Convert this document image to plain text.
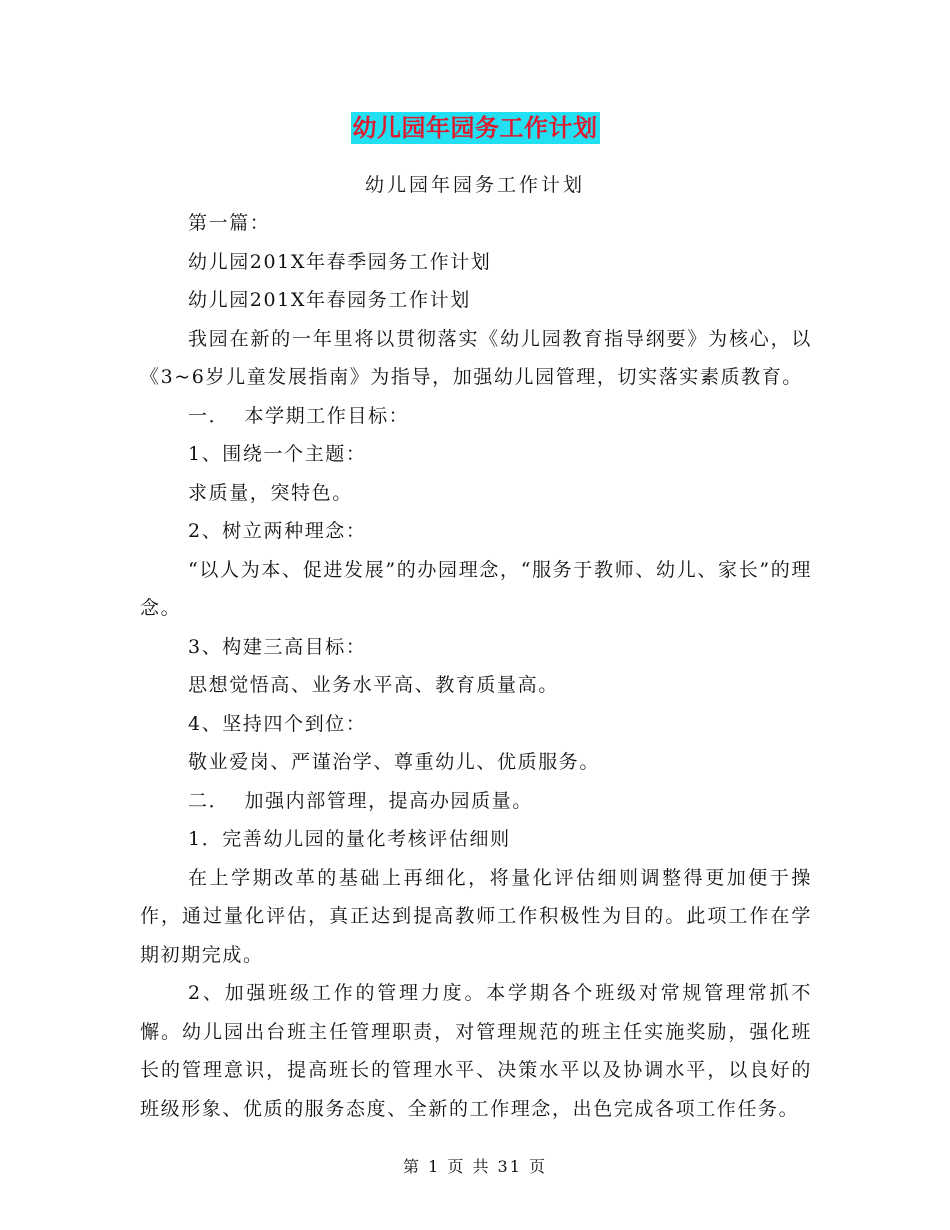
幼儿园年园务工作计划
幼儿园年园务工作计划

第一篇：

幼儿园201X年春季园务工作计划

幼儿园201X年春园务工作计划

我园在新的一年里将以贯彻落实《幼儿园教育指导纲要》为核心，以《3~6岁儿童发展指南》为指导，加强幼儿园管理，切实落实素质教育。

一．  本学期工作目标：

1、围绕一个主题：

求质量，突特色。

2、树立两种理念：

“以人为本、促进发展”的办园理念，“服务于教师、幼儿、家长”的理念。

3、构建三高目标：

思想觉悟高、业务水平高、教育质量高。

4、坚持四个到位：

敬业爱岗、严谨治学、尊重幼儿、优质服务。

二．  加强内部管理，提高办园质量。

1．完善幼儿园的量化考核评估细则

在上学期改革的基础上再细化，将量化评估细则调整得更加便于操作，通过量化评估，真正达到提高教师工作积极性为目的。此项工作在学期初期完成。

2、加强班级工作的管理力度。本学期各个班级对常规管理常抓不懈。幼儿园出台班主任管理职责，对管理规范的班主任实施奖励，强化班长的管理意识，提高班长的管理水平、决策水平以及协调水平，以良好的班级形象、优质的服务态度、全新的工作理念，出色完成各项工作任务。

第 1 页 共 31 页
